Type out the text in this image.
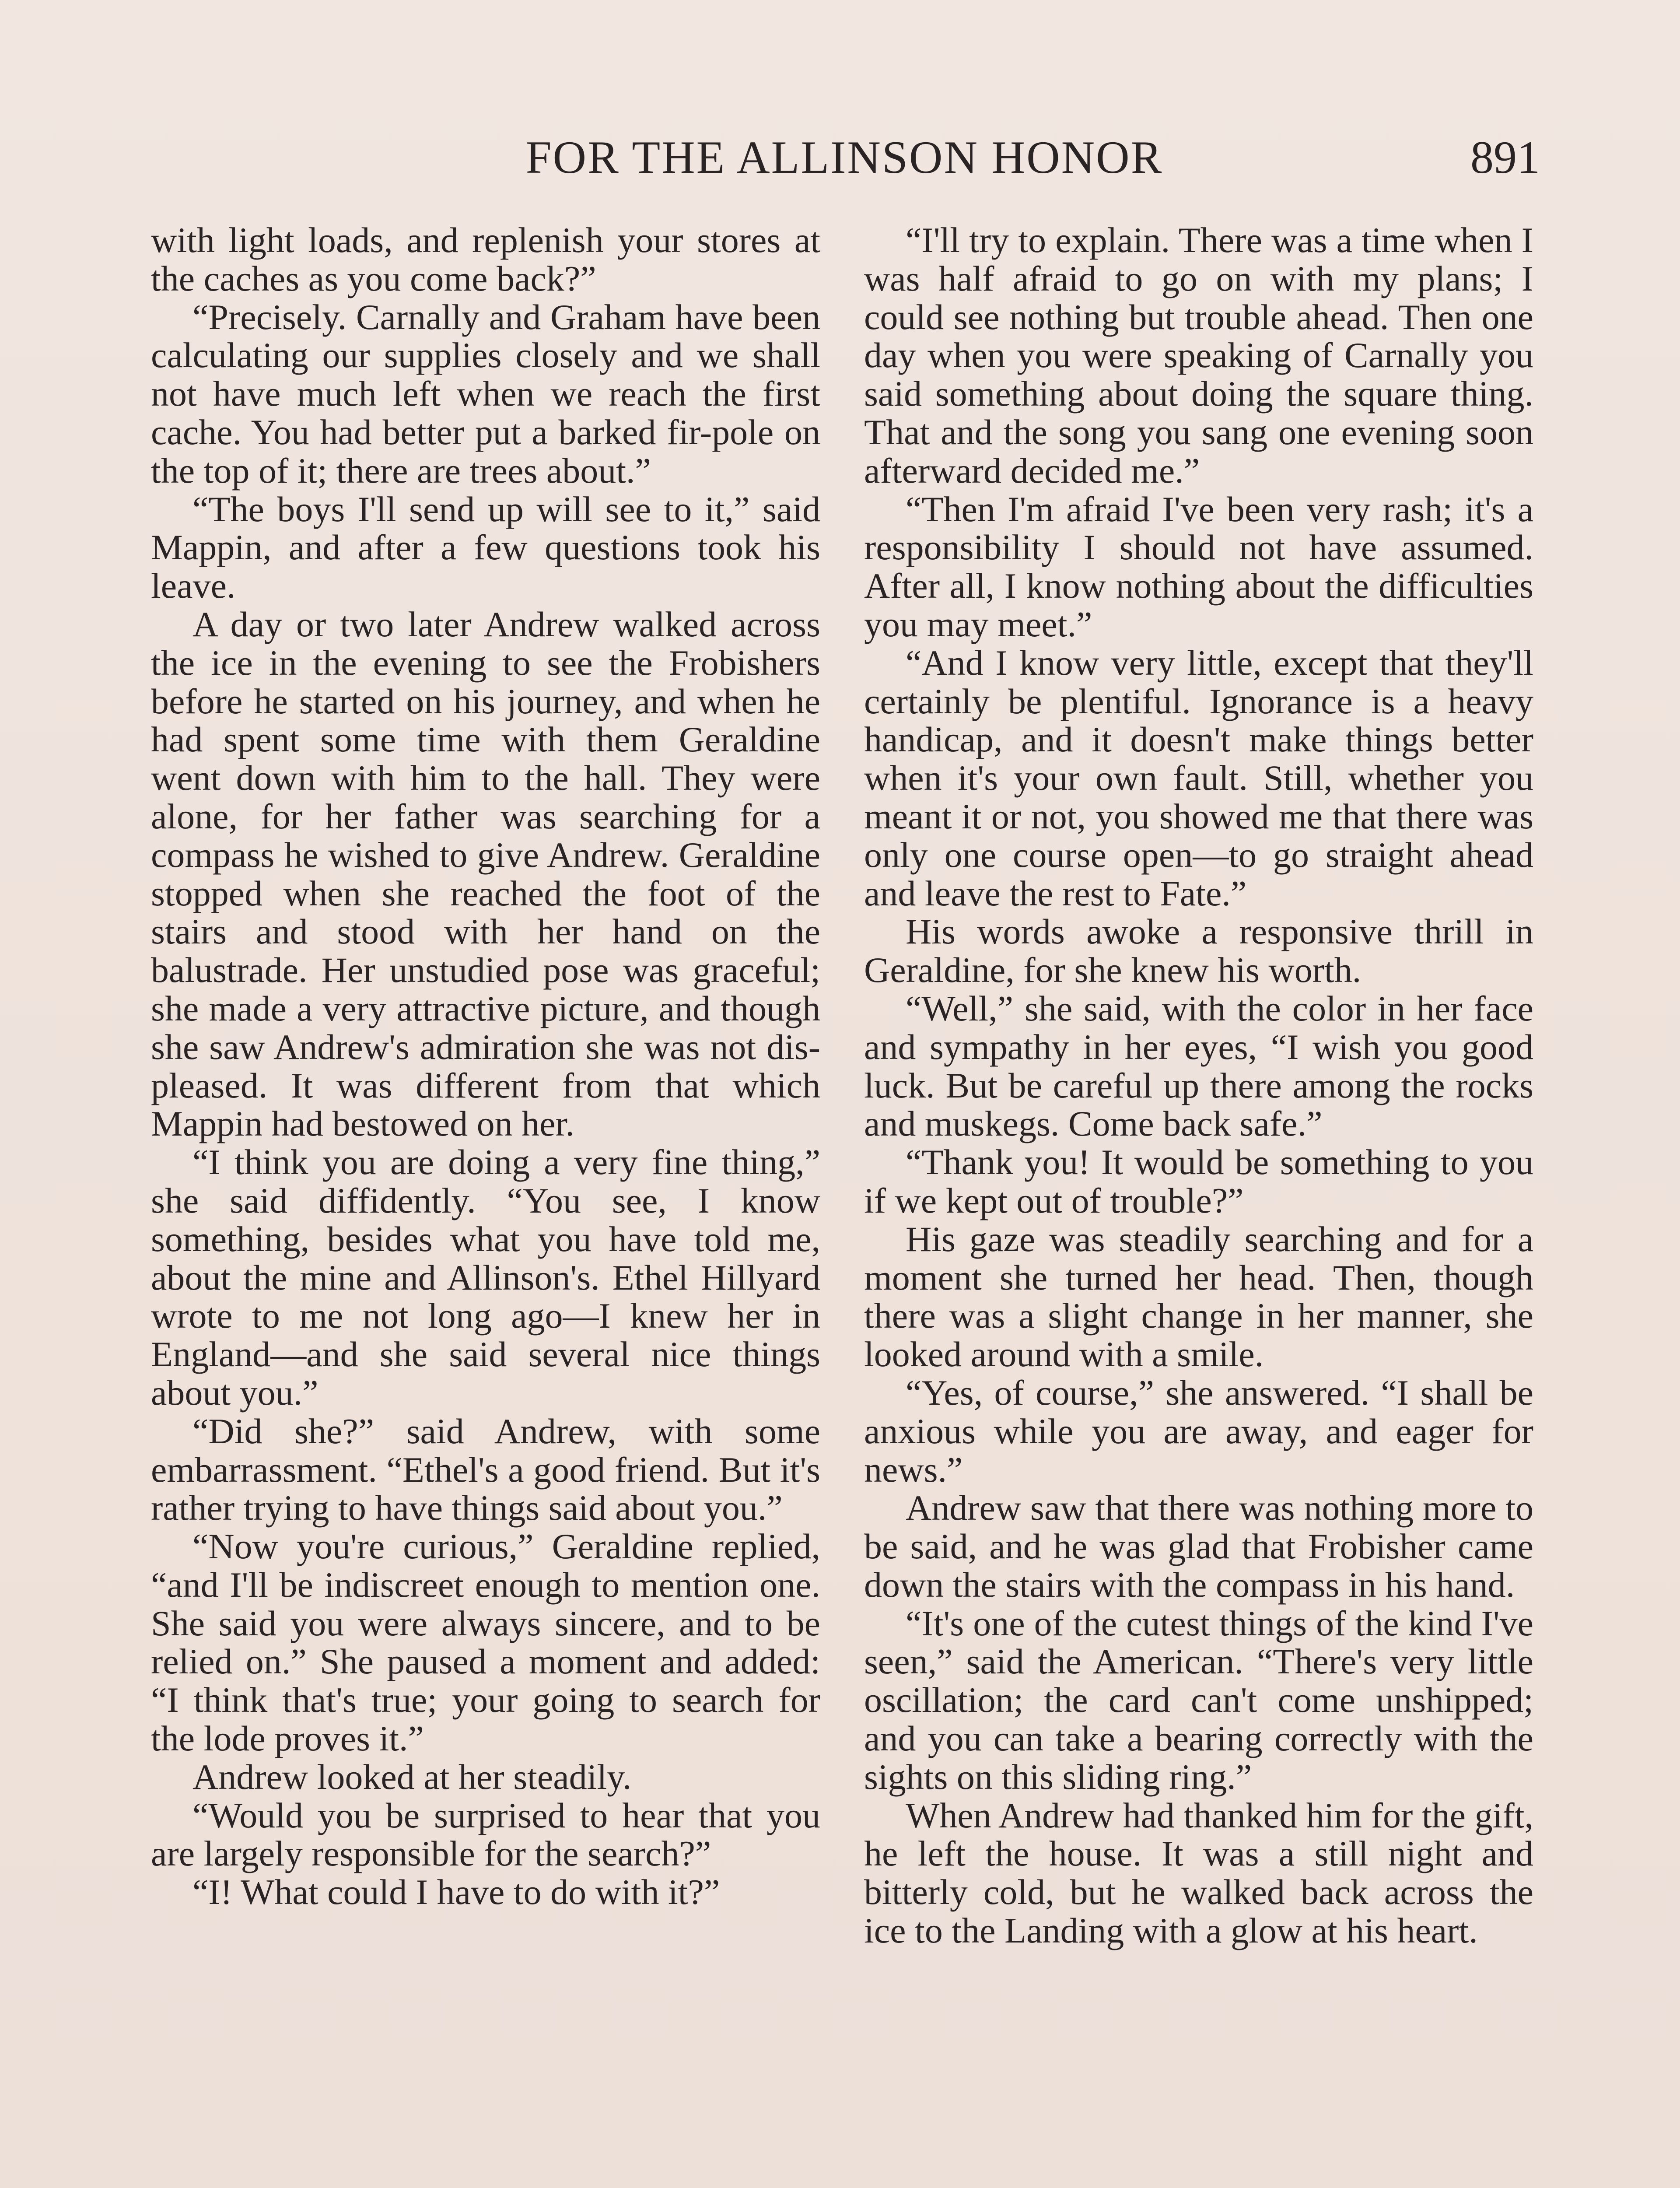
FOR THE ALLINSON HONOR	891

with light loads, and replenish your stores at the caches as you come back?”

“Precisely. Carnally and Graham have been calculating our supplies closely and we shall not have much left when we reach the first cache. You had better put a barked fir-pole on the top of it; there are trees about.”

“The boys I'll send up will see to it,” said Mappin, and after a few questions took his leave.

A day or two later Andrew walked across the ice in the evening to see the Frobishers before he started on his journey, and when he had spent some time with them Geraldine went down with him to the hall. They were alone, for her father was searching for a compass he wished to give Andrew. Geraldine stopped when she reached the foot of the stairs and stood with her hand on the balustrade. Her unstudied pose was graceful; she made a very attractive picture, and though she saw Andrew's admiration she was not displeased. It was different from that which Mappin had bestowed on her.

“I think you are doing a very fine thing,” she said diffidently. “You see, I know something, besides what you have told me, about the mine and Allinson's. Ethel Hillyard wrote to me not long ago—I knew her in England—and she said several nice things about you.”

“Did she?” said Andrew, with some embarrassment. “Ethel's a good friend. But it's rather trying to have things said about you.”

“Now you're curious,” Geraldine replied, “and I'll be indiscreet enough to mention one. She said you were always sincere, and to be relied on.” She paused a moment and added: “I think that's true; your going to search for the lode proves it.”

Andrew looked at her steadily.

“Would you be surprised to hear that you are largely responsible for the search?”

“I! What could I have to do with it?”

“I'll try to explain. There was a time when I was half afraid to go on with my plans; I could see nothing but trouble ahead. Then one day when you were speaking of Carnally you said something about doing the square thing. That and the song you sang one evening soon afterward decided me.”

“Then I'm afraid I've been very rash; it's a responsibility I should not have assumed. After all, I know nothing about the difficulties you may meet.”

“And I know very little, except that they'll certainly be plentiful. Ignorance is a heavy handicap, and it doesn't make things better when it's your own fault. Still, whether you meant it or not, you showed me that there was only one course open—to go straight ahead and leave the rest to Fate.”

His words awoke a responsive thrill in Geraldine, for she knew his worth.

“Well,” she said, with the color in her face and sympathy in her eyes, “I wish you good luck. But be careful up there among the rocks and muskegs. Come back safe.”

“Thank you! It would be something to you if we kept out of trouble?”

His gaze was steadily searching and for a moment she turned her head. Then, though there was a slight change in her manner, she looked around with a smile.

“Yes, of course,” she answered. “I shall be anxious while you are away, and eager for news.”

Andrew saw that there was nothing more to be said, and he was glad that Frobisher came down the stairs with the compass in his hand.

“It's one of the cutest things of the kind I've seen,” said the American. “There's very little oscillation; the card can't come unshipped; and you can take a bearing correctly with the sights on this sliding ring.”

When Andrew had thanked him for the gift, he left the house. It was a still night and bitterly cold, but he walked back across the ice to the Landing with a glow at his heart.
